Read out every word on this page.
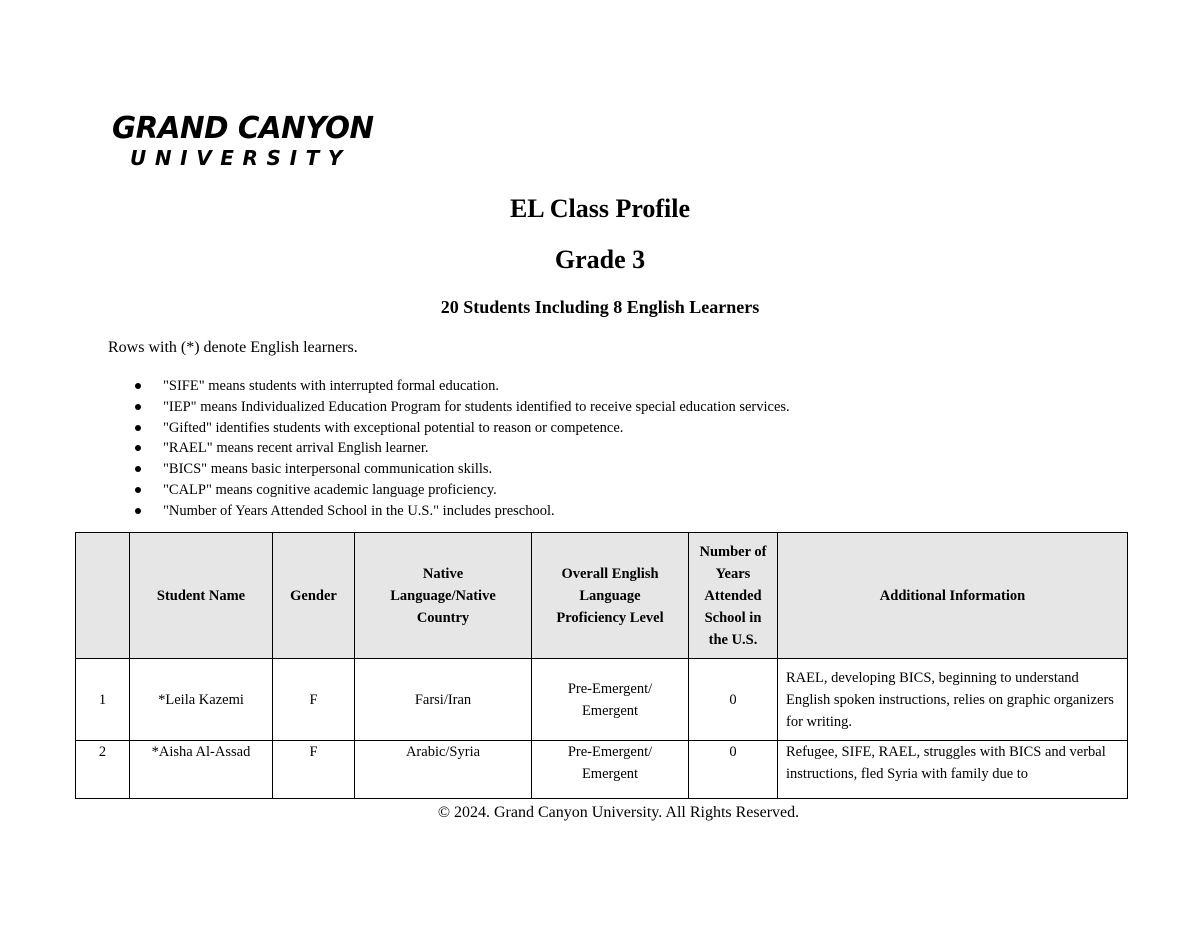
GRAND CANYON
UNIVERSITY
EL Class Profile
Grade 3
20 Students Including 8 English Learners
Rows with (*) denote English learners.
"SIFE" means students with interrupted formal education.
"IEP" means Individualized Education Program for students identified to receive special education services.
"Gifted" identifies students with exceptional potential to reason or competence.
"RAEL" means recent arrival English learner.
"BICS" means basic interpersonal communication skills.
"CALP" means cognitive academic language proficiency.
"Number of Years Attended School in the U.S." includes preschool.
	Student Name	Gender	Native Language/Native Country	Overall English Language Proficiency Level	Number of Years Attended School in the U.S.	Additional Information
1	*Leila Kazemi	F	Farsi/Iran	Pre-Emergent/ Emergent	0	RAEL, developing BICS, beginning to understand English spoken instructions, relies on graphic organizers for writing.
2	*Aisha Al-Assad	F	Arabic/Syria	Pre-Emergent/ Emergent	0	Refugee, SIFE, RAEL, struggles with BICS and verbal instructions, fled Syria with family due to
© 2024. Grand Canyon University. All Rights Reserved.
